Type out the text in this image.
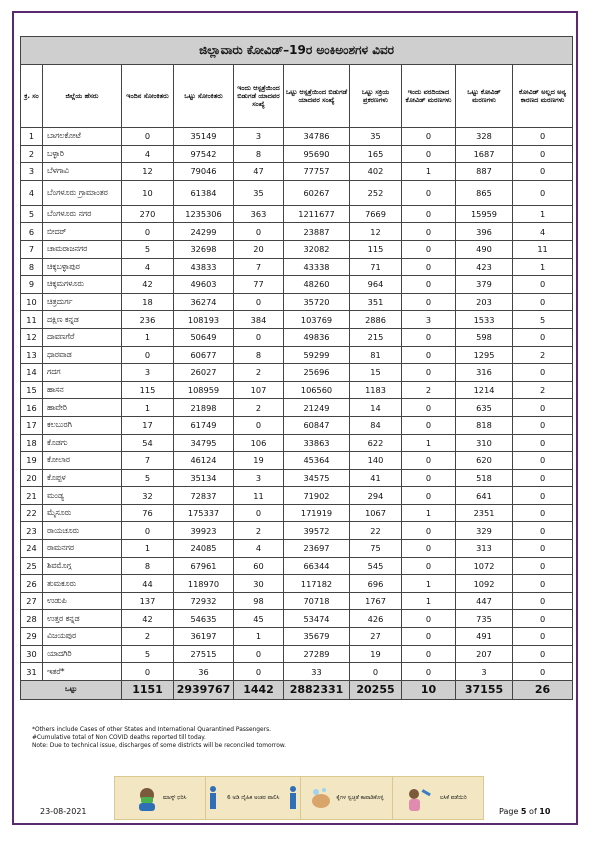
ಜಿಲ್ಲಾವಾರು ಕೋವಿಡ್–19ರ ಅಂಕಿಅಂಶಗಳ ವಿವರ									
ಕ್ರ. ಸಂ	ಜಿಲ್ಲೆಯ ಹೆಸರು	ಇಂದಿನ ಸೋಂಕಿತರು	ಒಟ್ಟು ಸೋಂಕಿತರು	ಇಂದು ಆಸ್ಪತ್ರೆಯಿಂದ ಬಿಡುಗಡೆ ಯಾದವರ ಸಂಖ್ಯೆ	ಒಟ್ಟು ಆಸ್ಪತ್ರೆಯಿಂದ ಬಿಡುಗಡೆ ಯಾದವರ ಸಂಖ್ಯೆ	ಒಟ್ಟು ಸಕ್ರಿಯ ಪ್ರಕರಣಗಳು	ಇಂದು ವರದಿಯಾದ ಕೋವಿಡ್ ಮರಣಗಳು	ಒಟ್ಟು ಕೋವಿಡ್ ಮರಣಗಳು	ಕೋವಿಡ್ ಅಲ್ಲದ ಅನ್ಯ ಕಾರಣದ ಮರಣಗಳು
1	ಬಾಗಲಕೋಟೆ	0	35149	3	34786	35	0	328	0
2	ಬಳ್ಳಾರಿ	4	97542	8	95690	165	0	1687	0
3	ಬೆಳಗಾವಿ	12	79046	47	77757	402	1	887	0
4	ಬೆಂಗಳೂರು ಗ್ರಾಮಾಂತರ	10	61384	35	60267	252	0	865	0
5	ಬೆಂಗಳೂರು ನಗರ	270	1235306	363	1211677	7669	0	15959	1
6	ಬೀದರ್	0	24299	0	23887	12	0	396	4
7	ಚಾಮರಾಜನಗರ	5	32698	20	32082	115	0	490	11
8	ಚಿಕ್ಕಬಳ್ಳಾಪುರ	4	43833	7	43338	71	0	423	1
9	ಚಿಕ್ಕಮಗಳೂರು	42	49603	77	48260	964	0	379	0
10	ಚಿತ್ರದುರ್ಗ	18	36274	0	35720	351	0	203	0
11	ದಕ್ಷಿಣ ಕನ್ನಡ	236	108193	384	103769	2886	3	1533	5
12	ದಾವಣಗೆರೆ	1	50649	0	49836	215	0	598	0
13	ಧಾರವಾಡ	0	60677	8	59299	81	0	1295	2
14	ಗದಗ	3	26027	2	25696	15	0	316	0
15	ಹಾಸನ	115	108959	107	106560	1183	2	1214	2
16	ಹಾವೇರಿ	1	21898	2	21249	14	0	635	0
17	ಕಲಬುರಗಿ	17	61749	0	60847	84	0	818	0
18	ಕೊಡಗು	54	34795	106	33863	622	1	310	0
19	ಕೋಲಾರ	7	46124	19	45364	140	0	620	0
20	ಕೊಪ್ಪಳ	5	35134	3	34575	41	0	518	0
21	ಮಂಡ್ಯ	32	72837	11	71902	294	0	641	0
22	ಮೈಸೂರು	76	175337	0	171919	1067	1	2351	0
23	ರಾಯಚೂರು	0	39923	2	39572	22	0	329	0
24	ರಾಮನಗರ	1	24085	4	23697	75	0	313	0
25	ಶಿವಮೊಗ್ಗ	8	67961	60	66344	545	0	1072	0
26	ತುಮಕೂರು	44	118970	30	117182	696	1	1092	0
27	ಉಡುಪಿ	137	72932	98	70718	1767	1	447	0
28	ಉತ್ತರ ಕನ್ನಡ	42	54635	45	53474	426	0	735	0
29	ವಿಜಯಪುರ	2	36197	1	35679	27	0	491	0
30	ಯಾದಗಿರಿ	5	27515	0	27289	19	0	207	0
31	ಇತರೆ*	0	36	0	33	0	0	3	0
ಒಟ್ಟು		1151	2939767	1442	2882331	20255	10	37155	26
*Others include Cases of other States and International Quarantined Passengers.
#Cumulative total of Non COVID deaths reported till today.
Note: Due to technical issue, discharges of some districts will be reconciled tomorrow.
ಮಾಸ್ಕ್ ಧರಿಸಿ	6 ಅಡಿ ದೈಹಿಕ ಅಂತರ ಪಾಲಿಸಿ	ಕೈಗಳ ಸ್ವಚ್ಛತೆ ಕಾಪಾಡಿಕೊಳ್ಳಿ	ಲಸಿಕೆ ಪಡೆಯಿರಿ
23-08-2021	Page 5 of 10
